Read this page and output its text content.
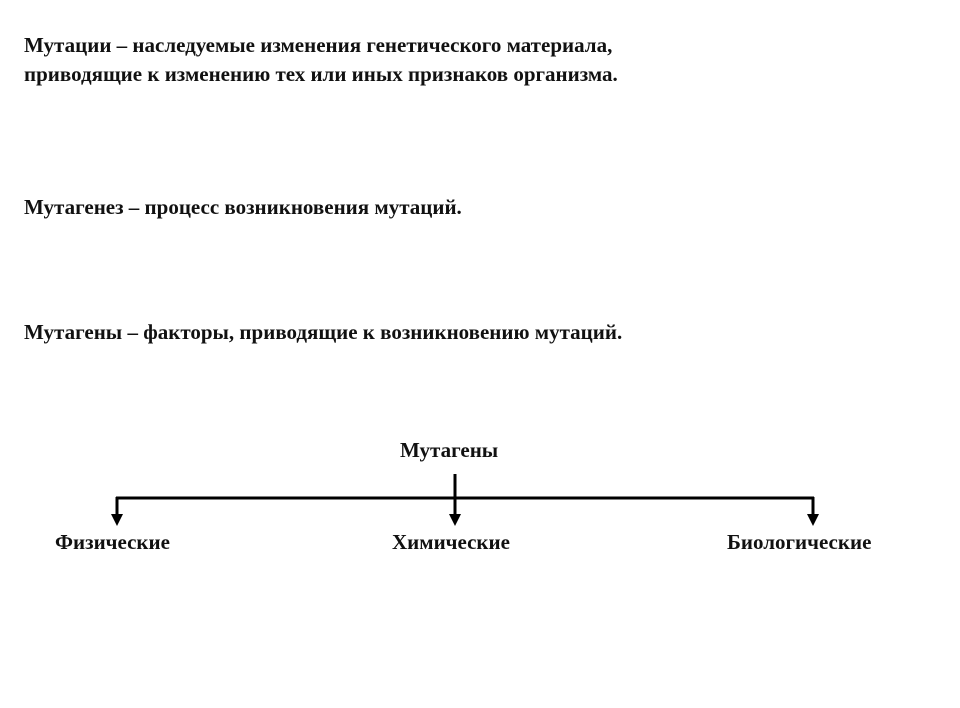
Мутации – наследуемые изменения генетического материала, приводящие к изменению тех или иных признаков организма.

Мутагенез – процесс возникновения мутаций.

Мутагены – факторы, приводящие к возникновению мутаций.

Мутагены

Физические	Химические	Биологические
